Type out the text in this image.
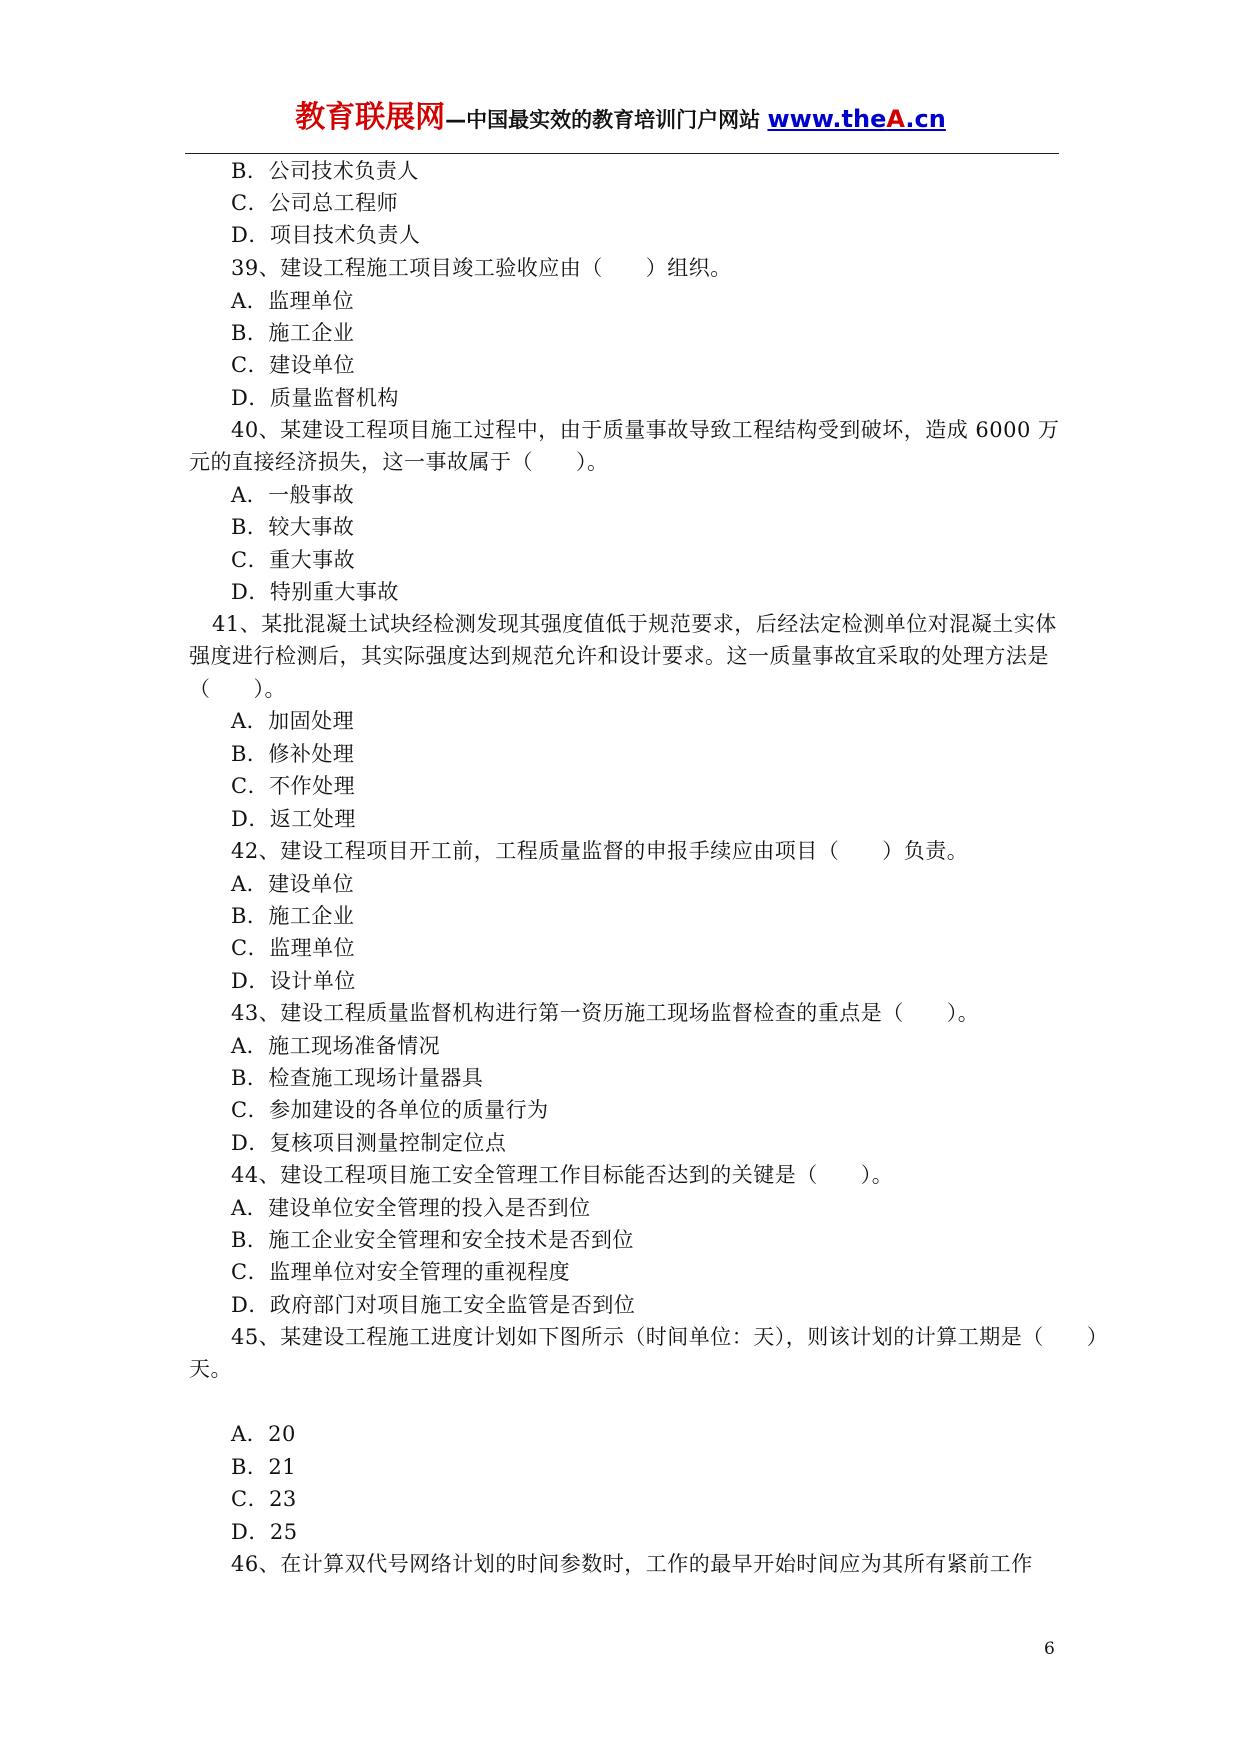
教育联展网—中国最实效的教育培训门户网站 www.theA.cn
B．公司技术负责人
C．公司总工程师
D．项目技术负责人
39、建设工程施工项目竣工验收应由（　　）组织。
A．监理单位
B．施工企业
C．建设单位
D．质量监督机构
40、某建设工程项目施工过程中，由于质量事故导致工程结构受到破坏，造成 6000 万
元的直接经济损失，这一事故属于（　　）。
A．一般事故
B．较大事故
C．重大事故
D．特别重大事故
41、某批混凝土试块经检测发现其强度值低于规范要求，后经法定检测单位对混凝土实体
强度进行检测后，其实际强度达到规范允许和设计要求。这一质量事故宜采取的处理方法是
（　　）。
A．加固处理
B．修补处理
C．不作处理
D．返工处理
42、建设工程项目开工前，工程质量监督的申报手续应由项目（　　）负责。
A．建设单位
B．施工企业
C．监理单位
D．设计单位
43、建设工程质量监督机构进行第一资历施工现场监督检查的重点是（　　）。
A．施工现场准备情况
B．检查施工现场计量器具
C．参加建设的各单位的质量行为
D．复核项目测量控制定位点
44、建设工程项目施工安全管理工作目标能否达到的关键是（　　）。
A．建设单位安全管理的投入是否到位
B．施工企业安全管理和安全技术是否到位
C．监理单位对安全管理的重视程度
D．政府部门对项目施工安全监管是否到位
45、某建设工程施工进度计划如下图所示（时间单位：天），则该计划的计算工期是（　　）
天。
A．20
B．21
C．23
D．25
46、在计算双代号网络计划的时间参数时，工作的最早开始时间应为其所有紧前工作
6
